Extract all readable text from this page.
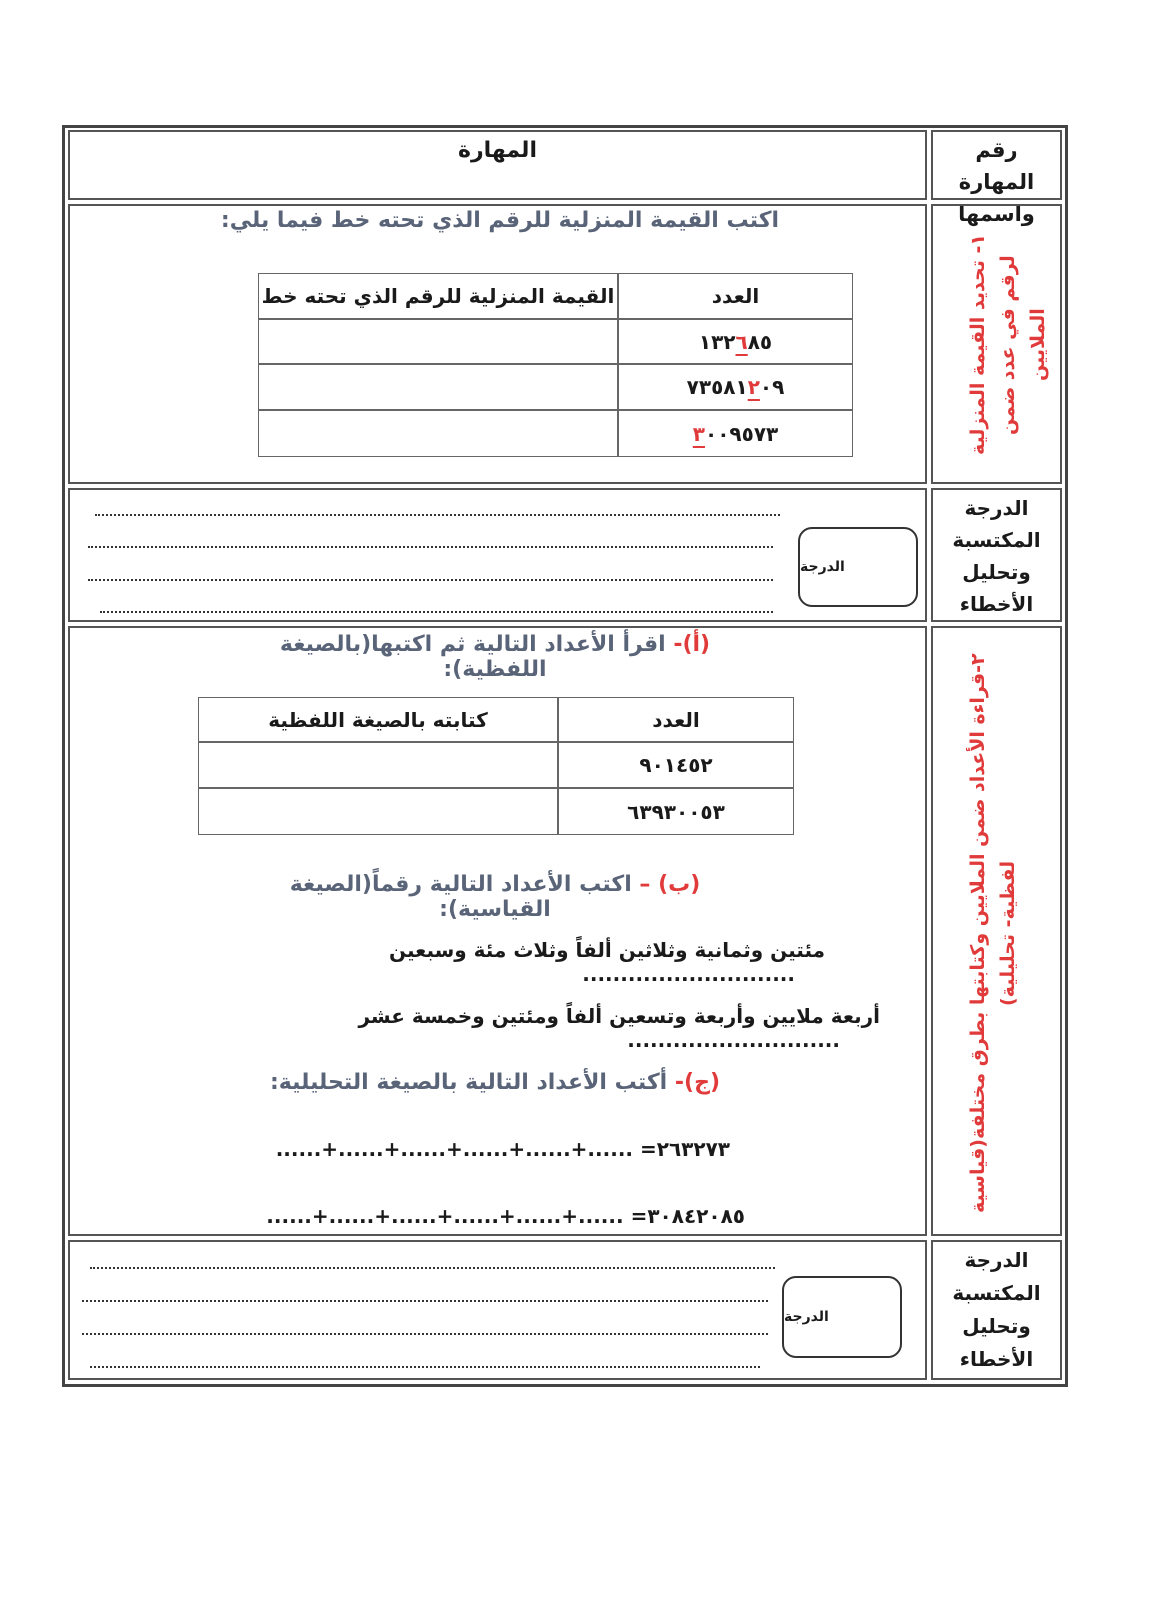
المهارة	رقم المهارة واسمها
١- تحديد القيمة المنزلية لرقم في عدد ضمن الملايين
اكتب القيمة المنزلية للرقم الذي تحته خط فيما يلي:
القيمة المنزلية للرقم الذي تحته خط	العدد
١٣٢٦٨٥
٧٣٥٨١٢٠٩
٣٠٠٩٥٧٣
الدرجة المكتسبة وتحليل الأخطاء
الدرجة
٢-قراءة الأعداد ضمن الملايين وكتابتها بطرق مختلفة(قياسية لفظية- تحليلية)
(أ)- اقرأ الأعداد التالية ثم اكتبها(بالصيغة اللفظية):
كتابته بالصيغة اللفظية	العدد
٩٠١٤٥٢
٦٣٩٣٠٠٥٣
(ب) – اكتب الأعداد التالية رقماً(الصيغة القياسية):
مئتين وثمانية وثلاثين ألفاً وثلاث مئة وسبعين ............................
أربعة ملايين وأربعة وتسعين ألفاً ومئتين وخمسة عشر ............................
(ج)- أكتب الأعداد التالية بالصيغة التحليلية:
٢٦٣٢٧٣= ......+......+......+......+......+......
٣٠٨٤٢٠٨٥= ......+......+......+......+......+......
الدرجة المكتسبة وتحليل الأخطاء
الدرجة
